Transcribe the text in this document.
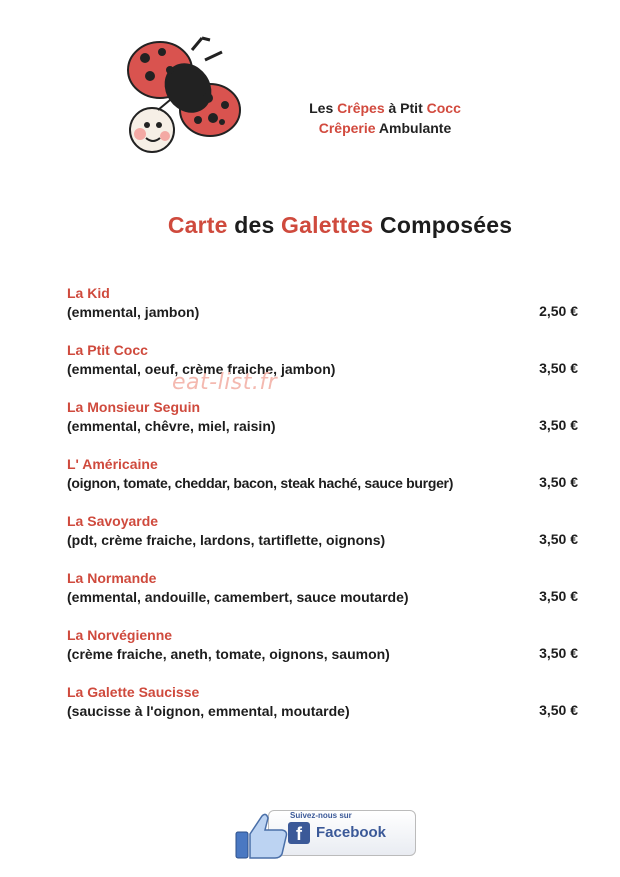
Les Crêpes à Ptit Cocc
Crêperie Ambulante
Carte des Galettes Composées
La Kid
(emmental, jambon)	2,50 €
La Ptit Cocc
(emmental, oeuf, crème fraiche, jambon)	3,50 €
La Monsieur Seguin
(emmental, chêvre, miel, raisin)	3,50 €
L' Américaine
(oignon, tomate, cheddar, bacon, steak haché, sauce burger)	3,50 €
La Savoyarde
(pdt, crème fraiche, lardons, tartiflette, oignons)	3,50 €
La Normande
(emmental, andouille, camembert, sauce moutarde)	3,50 €
La Norvégienne
(crème fraiche, aneth, tomate, oignons, saumon)	3,50 €
La Galette Saucisse
(saucisse à l'oignon, emmental, moutarde)	3,50 €
eat-list.fr
Suivez-nous sur
f Facebook
